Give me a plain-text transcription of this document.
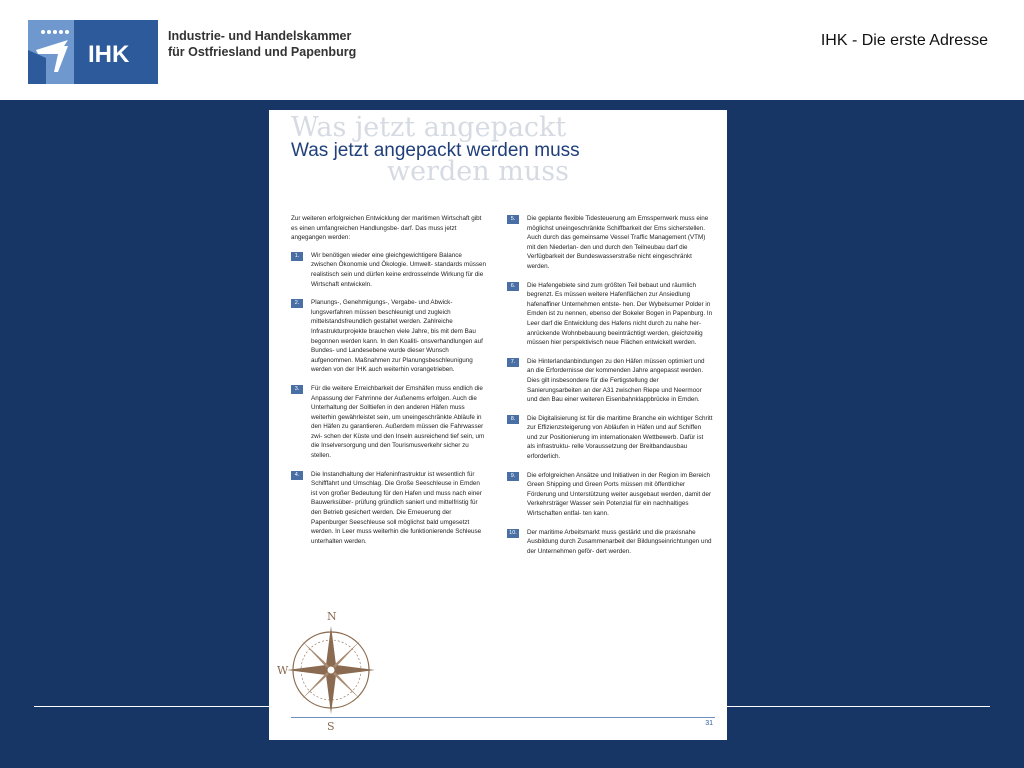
IHK
Industrie- und Handelskammer
für Ostfriesland und Papenburg
IHK - Die erste Adresse
Was jetzt angepackt
werden muss
Was jetzt angepackt werden muss

Zur weiteren erfolgreichen Entwicklung der maritimen Wirtschaft gibt es einen umfangreichen Handlungsbe- darf. Das muss jetzt angegangen werden:

1.	Wir benötigen wieder eine gleichgewichtigere Balance zwischen Ökonomie und Ökologie. Umwelt- standards müssen realistisch sein und dürfen keine erdrosselnde Wirkung für die Wirtschaft entwickeln.
2.	Planungs-, Genehmigungs-, Vergabe- und Abwick- lungsverfahren müssen beschleunigt und zugleich mittelstandsfreundlich gestaltet werden. Zahlreiche Infrastrukturprojekte brauchen viele Jahre, bis mit dem Bau begonnen werden kann. In den Koaliti- onsverhandlungen auf Bundes- und Landesebene wurde dieser Wunsch aufgenommen. Maßnahmen zur Planungsbeschleunigung werden von der IHK auch weiterhin vorangetrieben.
3.	Für die weitere Erreichbarkeit der Emshäfen muss endlich die Anpassung der Fahrrinne der Außenems erfolgen. Auch die Unterhaltung der Solltiefen in den anderen Häfen muss weiterhin gewährleistet sein, um uneingeschränkte Abläufe in den Häfen zu garantieren. Außerdem müssen die Fahrwasser zwi- schen der Küste und den Inseln ausreichend tief sein, um die Inselversorgung und den Tourismusverkehr sicher zu stellen.
4.	Die Instandhaltung der Hafeninfrastruktur ist wesentlich für Schifffahrt und Umschlag. Die Große Seeschleuse in Emden ist von großer Bedeutung für den Hafen und muss nach einer Bauwerksüber- prüfung gründlich saniert und mittelfristig für den Betrieb gesichert werden. Die Erneuerung der Papenburger Seeschleuse soll möglichst bald umgesetzt werden. In Leer muss weiterhin die funktionierende Schleuse unterhalten werden.
5.	Die geplante flexible Tidesteuerung am Emssperrwerk muss eine möglichst uneingeschränkte Schiffbarkeit der Ems sicherstellen. Auch durch das gemeinsame Vessel Traffic Management (VTM) mit den Niederlan- den und durch den Teilneubau darf die Verfügbarkeit der Bundeswasserstraße nicht eingeschränkt werden.
6.	Die Hafengebiete sind zum größten Teil bebaut und räumlich begrenzt. Es müssen weitere Hafenflächen zur Ansiedlung hafenaffiner Unternehmen entste- hen. Der Wybelsumer Polder in Emden ist zu nennen, ebenso der Bokeler Bogen in Papenburg. In Leer darf die Entwicklung des Hafens nicht durch zu nahe her- anrückende Wohnbebauung beeinträchtigt werden, gleichzeitig müssen hier perspektivisch neue Flächen entwickelt werden.
7.	Die Hinterlandanbindungen zu den Häfen müssen optimiert und an die Erfordernisse der kommenden Jahre angepasst werden. Dies gilt insbesondere für die Fertigstellung der Sanierungsarbeiten an der A31 zwischen Riepe und Neermoor und den Bau einer weiteren Eisenbahnklappbrücke in Emden.
8.	Die Digitalisierung ist für die maritime Branche ein wichtiger Schritt zur Effizienzsteigerung von Abläufen in Häfen und auf Schiffen und zur Positionierung im internationalen Wettbewerb. Dafür ist als infrastruktu- relle Voraussetzung der Breitbandausbau erforderlich.
9.	Die erfolgreichen Ansätze und Initiativen in der Region im Bereich Green Shipping und Green Ports müssen mit öffentlicher Förderung und Unterstützung weiter ausgebaut werden, damit der Verkehrsträger Wasser sein Potenzial für ein nachhaltiges Wirtschaften entfal- ten kann.
10.	Der maritime Arbeitsmarkt muss gestärkt und die praxisnahe Ausbildung durch Zusammenarbeit der Bildungseinrichtungen und der Unternehmen geför- dert werden.
N
S
W
31
